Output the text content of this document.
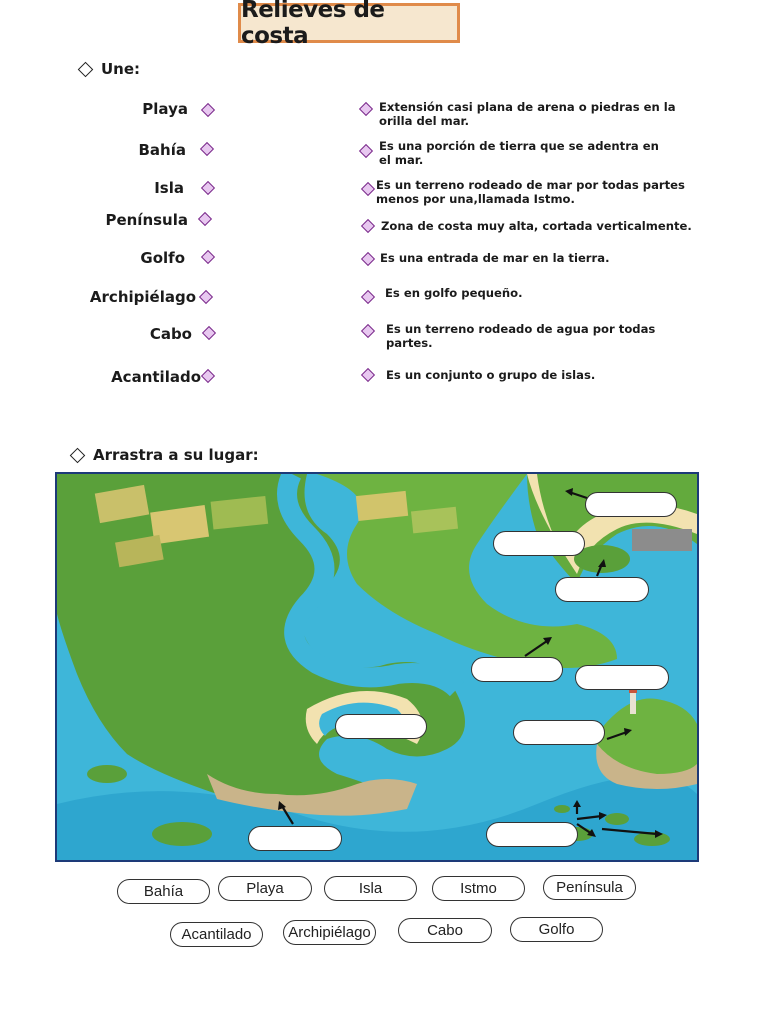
Relieves de costa
Une:
Playa
Bahía
Isla
Península
Golfo
Archipiélago
Cabo
Acantilado
Extensión casi plana de arena o piedras en la
orilla del mar.
Es una porción de tierra que se adentra en
el mar.
Es un terreno rodeado de mar por todas partes
menos por una,llamada Istmo.
Zona de costa muy alta, cortada verticalmente.
Es una entrada de mar en la tierra.
Es en golfo pequeño.
Es un terreno rodeado de agua por todas
partes.
Es un conjunto o grupo de islas.
Arrastra a su lugar:
Bahía	Playa	Isla	Istmo	Península
Acantilado	Archipiélago	Cabo	Golfo
